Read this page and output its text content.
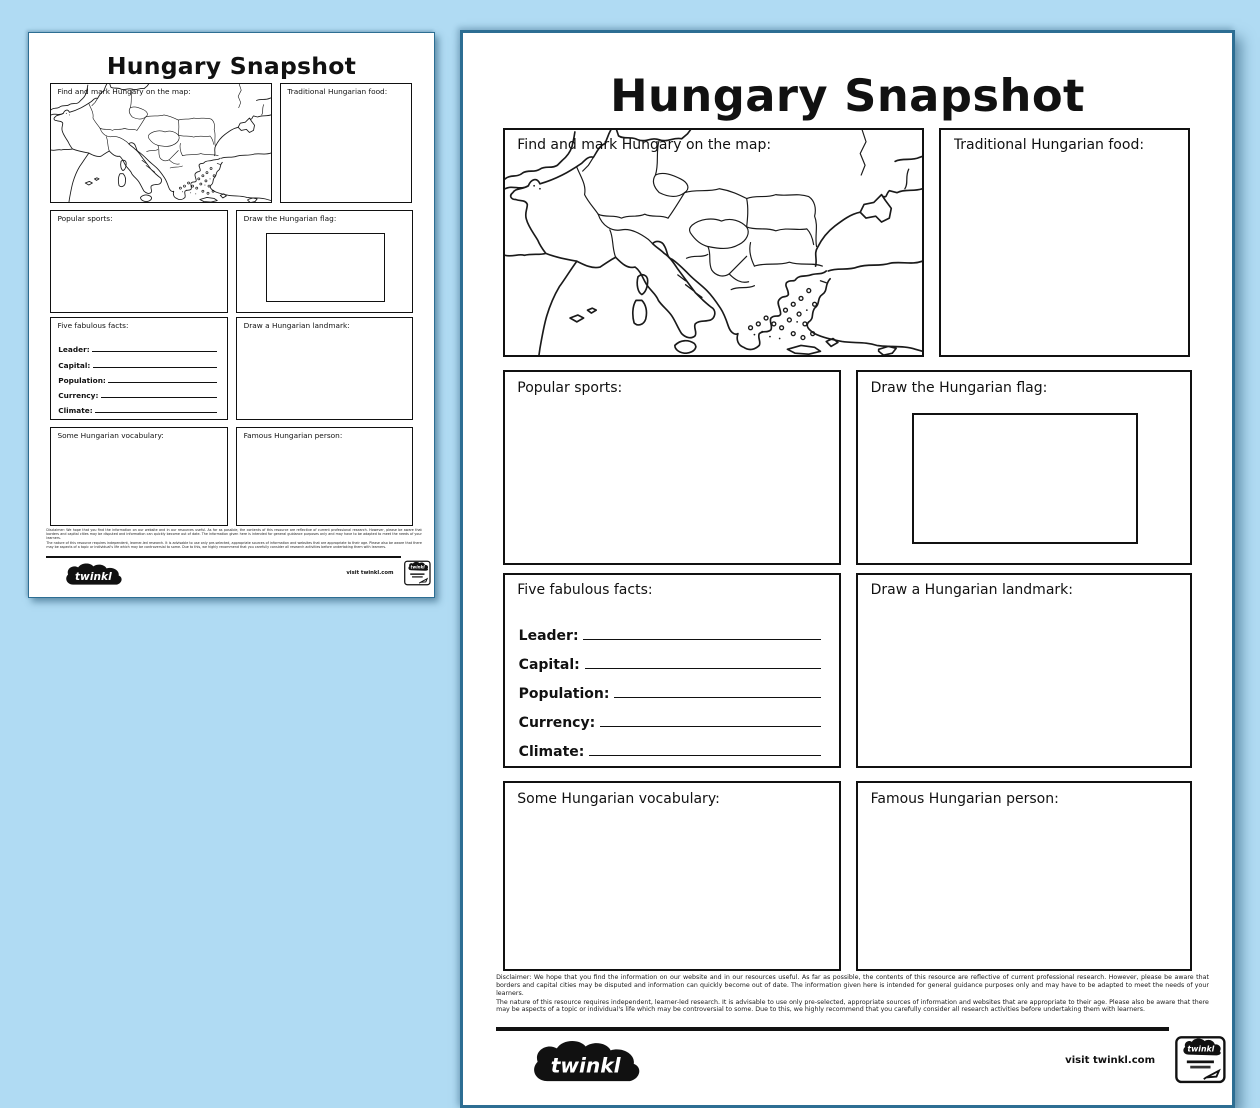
Hungary Snapshot
Find and mark Hungary on the map:	Traditional Hungarian food:
Popular sports:	Draw the Hungarian flag:
Five fabulous facts:
Leader:
Capital:
Population:
Currency:
Climate:
Draw a Hungarian landmark:
Some Hungarian vocabulary:	Famous Hungarian person:

Disclaimer: We hope that you find the information on our website and in our resources useful. As far as possible, the contents of this resource are reflective of current professional research. However, please be aware that borders and capital cities may be disputed and information can quickly become out of date. The information given here is intended for general guidance purposes only and may have to be adapted to meet the needs of your learners.

The nature of this resource requires independent, learner-led research. It is advisable to use only pre-selected, appropriate sources of information and websites that are appropriate to their age. Please also be aware that there may be aspects of a topic or individual's life which may be controversial to some. Due to this, we highly recommend that you carefully consider all research activities before undertaking them with learners.

twinkl	visit twinkl.com
twinkl
Hungary Snapshot
Find and mark Hungary on the map:	Traditional Hungarian food:
Popular sports:	Draw the Hungarian flag:
Five fabulous facts:
Leader:
Capital:
Population:
Currency:
Climate:
Draw a Hungarian landmark:
Some Hungarian vocabulary:	Famous Hungarian person:

Disclaimer: We hope that you find the information on our website and in our resources useful. As far as possible, the contents of this resource are reflective of current professional research. However, please be aware that borders and capital cities may be disputed and information can quickly become out of date. The information given here is intended for general guidance purposes only and may have to be adapted to meet the needs of your learners.

The nature of this resource requires independent, learner-led research. It is advisable to use only pre-selected, appropriate sources of information and websites that are appropriate to their age. Please also be aware that there may be aspects of a topic or individual's life which may be controversial to some. Due to this, we highly recommend that you carefully consider all research activities before undertaking them with learners.

twinkl	visit twinkl.com
twinkl
